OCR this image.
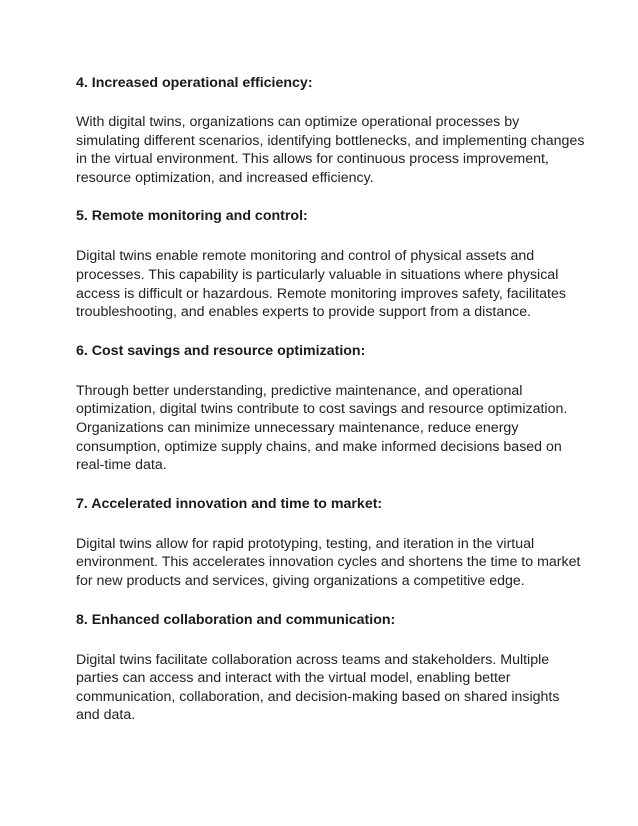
4. Increased operational efficiency:

With digital twins, organizations can optimize operational processes by
simulating different scenarios, identifying bottlenecks, and implementing changes
in the virtual environment. This allows for continuous process improvement,
resource optimization, and increased efficiency.

5. Remote monitoring and control:

Digital twins enable remote monitoring and control of physical assets and
processes. This capability is particularly valuable in situations where physical
access is difficult or hazardous. Remote monitoring improves safety, facilitates
troubleshooting, and enables experts to provide support from a distance.

6. Cost savings and resource optimization:

Through better understanding, predictive maintenance, and operational
optimization, digital twins contribute to cost savings and resource optimization.
Organizations can minimize unnecessary maintenance, reduce energy
consumption, optimize supply chains, and make informed decisions based on
real-time data.

7. Accelerated innovation and time to market:

Digital twins allow for rapid prototyping, testing, and iteration in the virtual
environment. This accelerates innovation cycles and shortens the time to market
for new products and services, giving organizations a competitive edge.

8. Enhanced collaboration and communication:

Digital twins facilitate collaboration across teams and stakeholders. Multiple
parties can access and interact with the virtual model, enabling better
communication, collaboration, and decision-making based on shared insights
and data.
